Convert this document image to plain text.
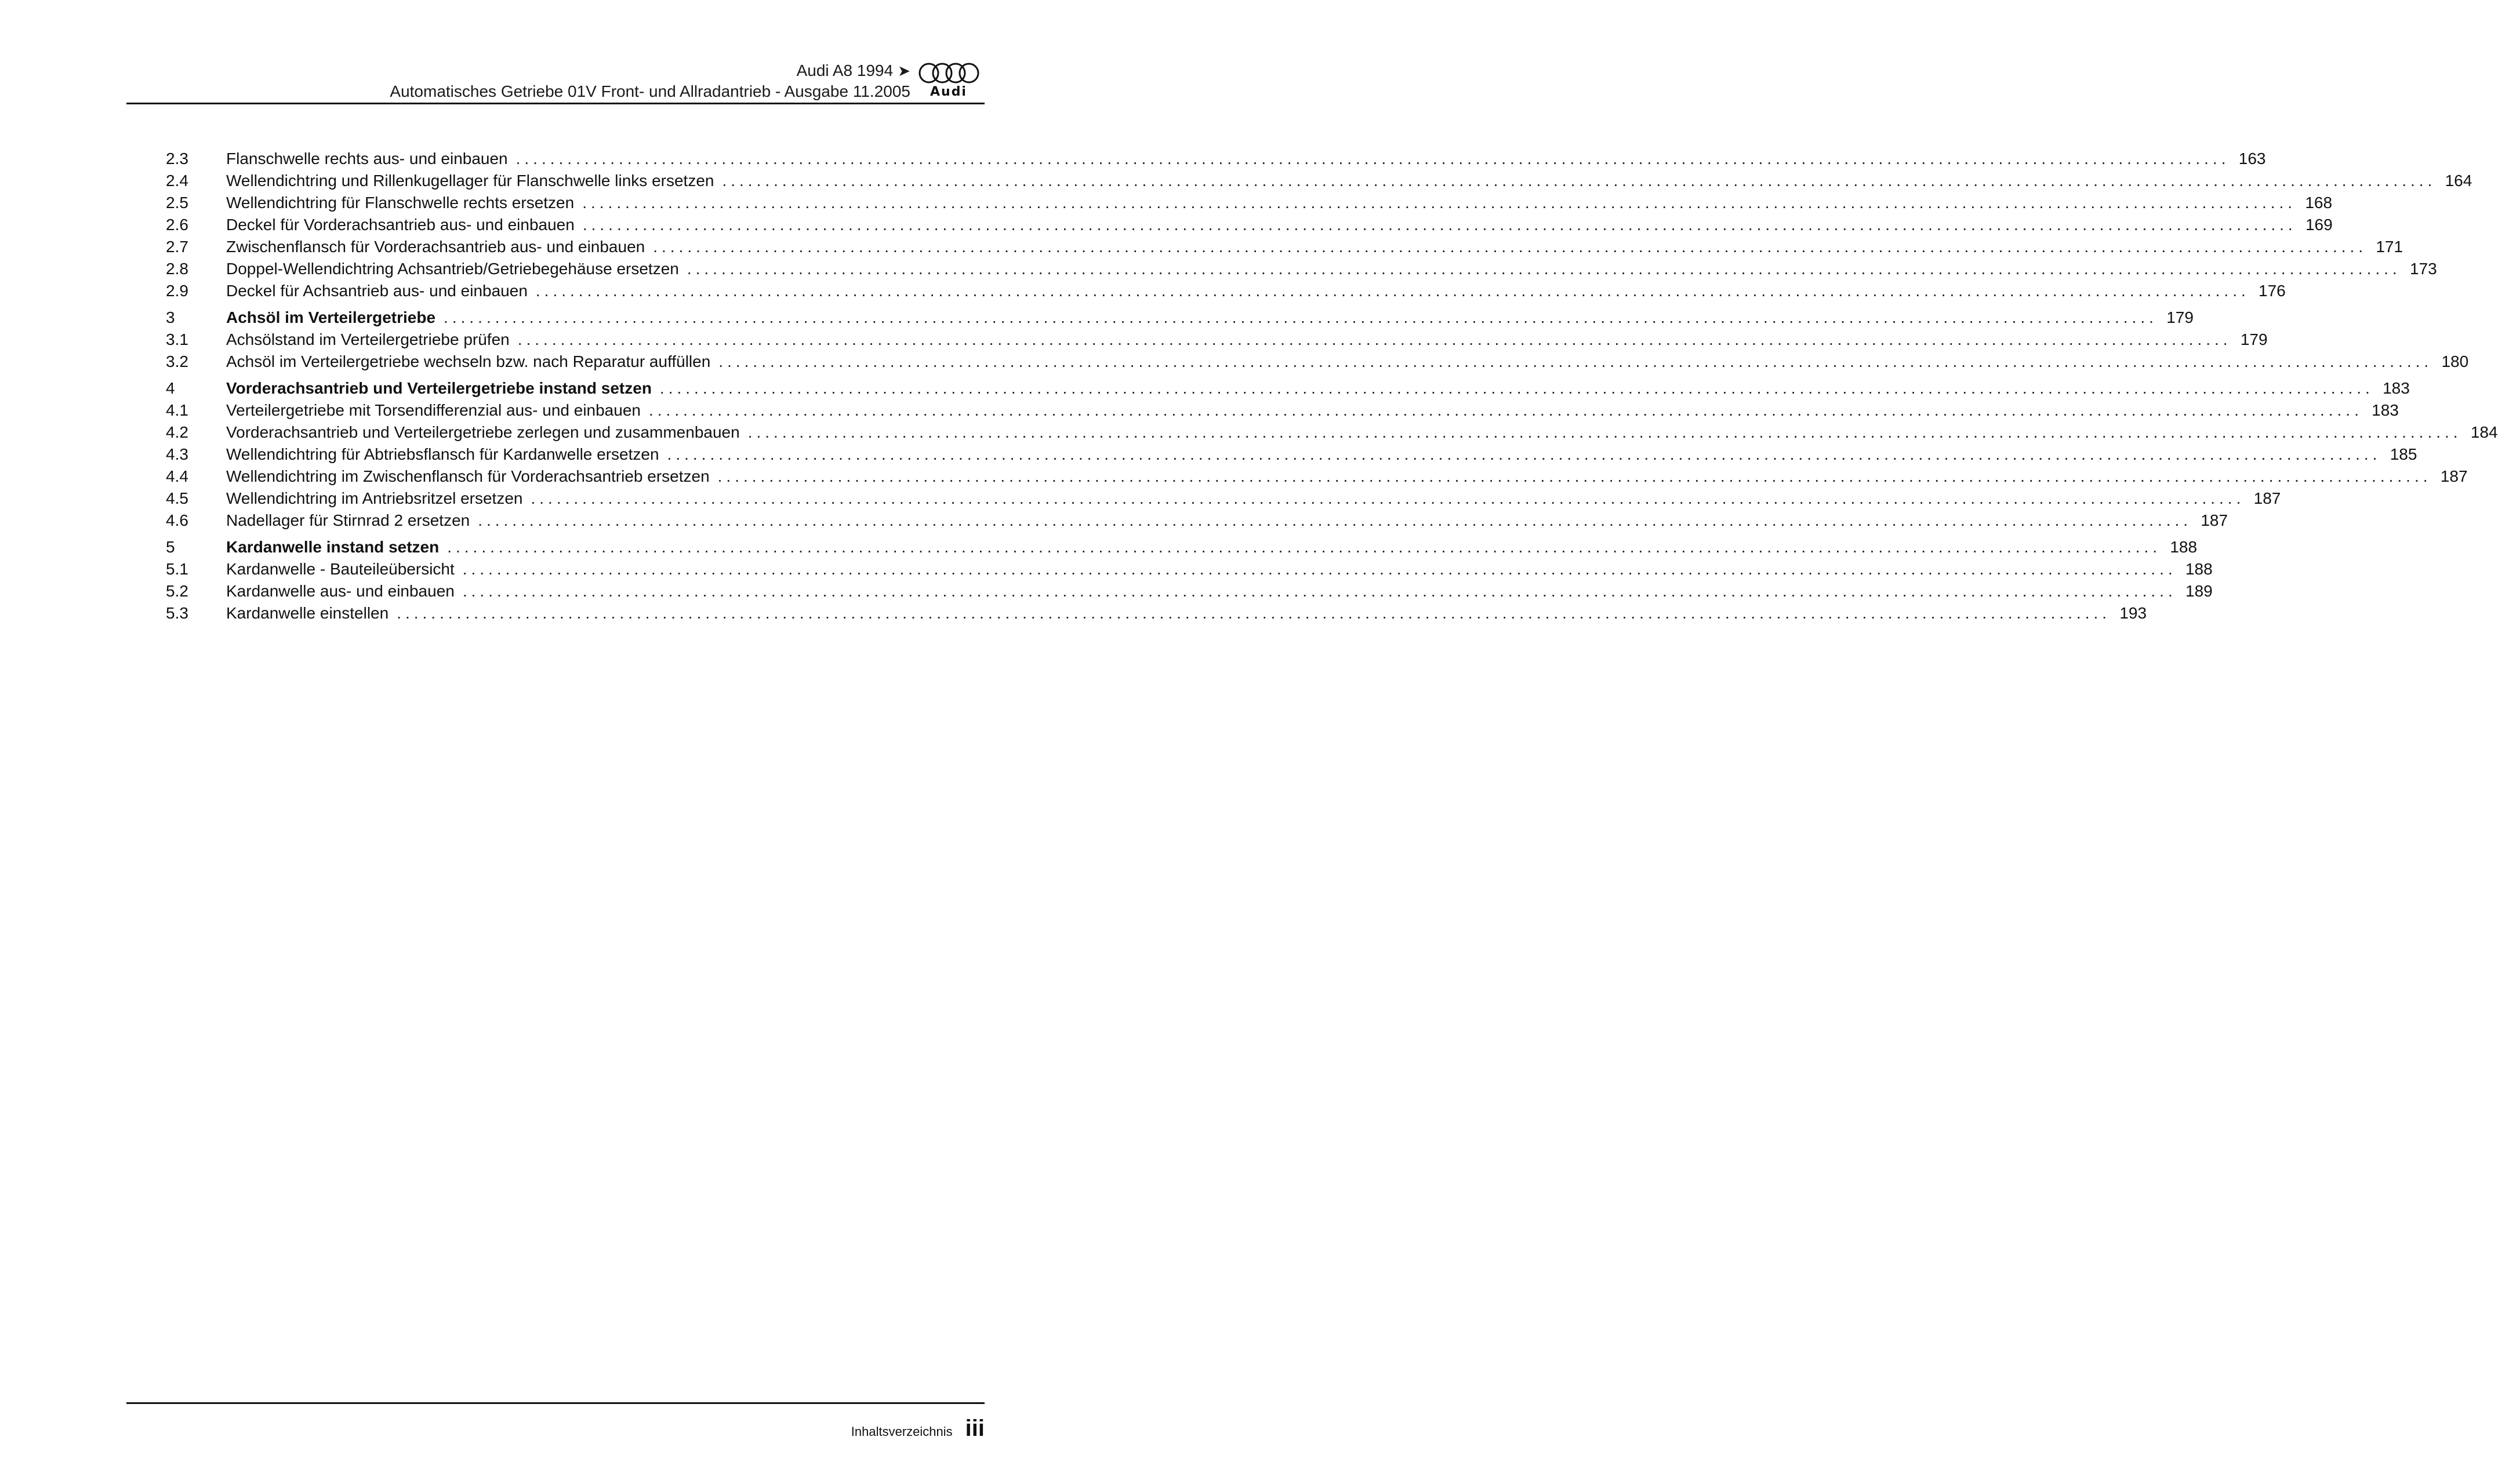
Audi A8 1994 ➤
Automatisches Getriebe 01V Front- und Allradantrieb - Ausgabe 11.2005	Audi
2.3	Flanschwelle rechts aus- und einbauen ........................................................................................................................................................................................................ 163
2.4	Wellendichtring und Rillenkugellager für Flanschwelle links ersetzen ........................................................................................................................................................................................................ 164
2.5	Wellendichtring für Flanschwelle rechts ersetzen ........................................................................................................................................................................................................ 168
2.6	Deckel für Vorderachsantrieb aus- und einbauen ........................................................................................................................................................................................................ 169
2.7	Zwischenflansch für Vorderachsantrieb aus- und einbauen ........................................................................................................................................................................................................ 171
2.8	Doppel-Wellendichtring Achsantrieb/Getriebegehäuse ersetzen ........................................................................................................................................................................................................ 173
2.9	Deckel für Achsantrieb aus- und einbauen ........................................................................................................................................................................................................ 176
3	Achsöl im Verteilergetriebe ........................................................................................................................................................................................................ 179
3.1	Achsölstand im Verteilergetriebe prüfen ........................................................................................................................................................................................................ 179
3.2	Achsöl im Verteilergetriebe wechseln bzw. nach Reparatur auffüllen ........................................................................................................................................................................................................ 180
4	Vorderachsantrieb und Verteilergetriebe instand setzen ........................................................................................................................................................................................................ 183
4.1	Verteilergetriebe mit Torsendifferenzial aus- und einbauen ........................................................................................................................................................................................................ 183
4.2	Vorderachsantrieb und Verteilergetriebe zerlegen und zusammenbauen ........................................................................................................................................................................................................ 184
4.3	Wellendichtring für Abtriebsflansch für Kardanwelle ersetzen ........................................................................................................................................................................................................ 185
4.4	Wellendichtring im Zwischenflansch für Vorderachsantrieb ersetzen ........................................................................................................................................................................................................ 187
4.5	Wellendichtring im Antriebsritzel ersetzen ........................................................................................................................................................................................................ 187
4.6	Nadellager für Stirnrad 2 ersetzen ........................................................................................................................................................................................................ 187
5	Kardanwelle instand setzen ........................................................................................................................................................................................................ 188
5.1	Kardanwelle - Bauteileübersicht ........................................................................................................................................................................................................ 188
5.2	Kardanwelle aus- und einbauen ........................................................................................................................................................................................................ 189
5.3	Kardanwelle einstellen ........................................................................................................................................................................................................ 193
Inhaltsverzeichnis iii
